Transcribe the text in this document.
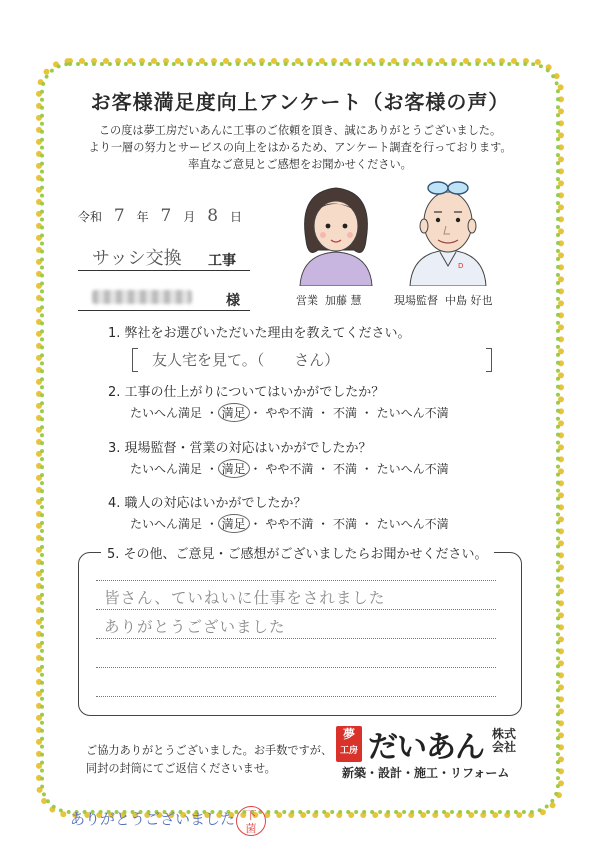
お客様満足度向上アンケート（お客様の声）
この度は夢工房だいあんに工事のご依頼を頂き、誠にありがとうございました。
より一層の努力とサービスの向上をはかるため、アンケート調査を行っております。
率直なご意見とご感想をお聞かせください。
令和 7 年 7 月 8 日
サッシ交換 工事
様	営業 加藤 慧
D
現場監督 中島 好也
1. 弊社をお選びいただいた理由を教えてください。
友人宅を見て。（　　さん）
2. 工事の仕上がりについてはいかがでしたか？
たいへん満足 ・ 満足 ・ やや不満 ・ 不満 ・ たいへん不満
3. 現場監督・営業の対応はいかがでしたか？
たいへん満足 ・ 満足 ・ やや不満 ・ 不満 ・ たいへん不満
4. 職人の対応はいかがでしたか？
たいへん満足 ・ 満足 ・ やや不満 ・ 不満 ・ たいへん不満
5. その他、ご意見・ご感想がございましたらお聞かせください。
皆さん、ていねいに仕事をされました
ありがとうございました
ご協力ありがとうございました。お手数ですが、
同封の封筒にてご返信くださいませ。
夢
工房 だいあん 株式
会社
新築・設計・施工・リフォーム
ありがとうございました 下
菌
